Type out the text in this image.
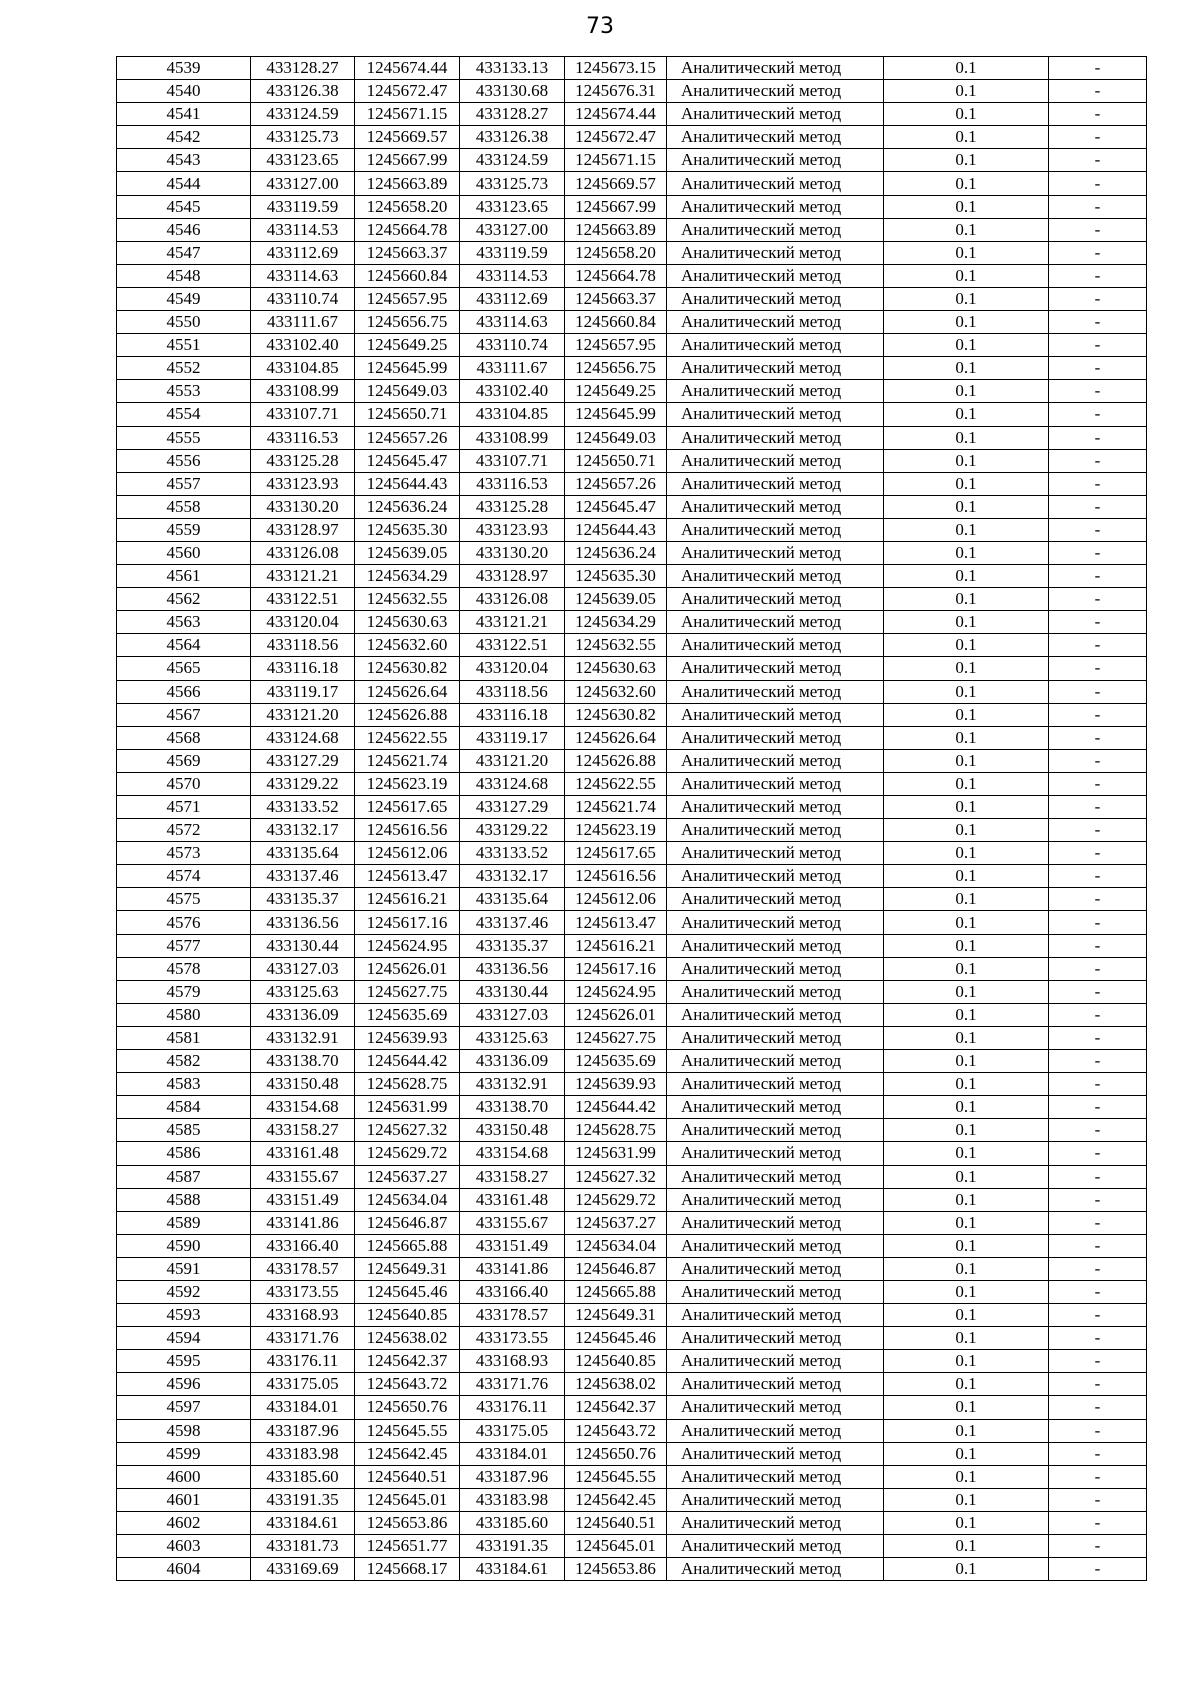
73
4539	433128.27	1245674.44	433133.13	1245673.15	Аналитический метод	0.1	-
4540	433126.38	1245672.47	433130.68	1245676.31	Аналитический метод	0.1	-
4541	433124.59	1245671.15	433128.27	1245674.44	Аналитический метод	0.1	-
4542	433125.73	1245669.57	433126.38	1245672.47	Аналитический метод	0.1	-
4543	433123.65	1245667.99	433124.59	1245671.15	Аналитический метод	0.1	-
4544	433127.00	1245663.89	433125.73	1245669.57	Аналитический метод	0.1	-
4545	433119.59	1245658.20	433123.65	1245667.99	Аналитический метод	0.1	-
4546	433114.53	1245664.78	433127.00	1245663.89	Аналитический метод	0.1	-
4547	433112.69	1245663.37	433119.59	1245658.20	Аналитический метод	0.1	-
4548	433114.63	1245660.84	433114.53	1245664.78	Аналитический метод	0.1	-
4549	433110.74	1245657.95	433112.69	1245663.37	Аналитический метод	0.1	-
4550	433111.67	1245656.75	433114.63	1245660.84	Аналитический метод	0.1	-
4551	433102.40	1245649.25	433110.74	1245657.95	Аналитический метод	0.1	-
4552	433104.85	1245645.99	433111.67	1245656.75	Аналитический метод	0.1	-
4553	433108.99	1245649.03	433102.40	1245649.25	Аналитический метод	0.1	-
4554	433107.71	1245650.71	433104.85	1245645.99	Аналитический метод	0.1	-
4555	433116.53	1245657.26	433108.99	1245649.03	Аналитический метод	0.1	-
4556	433125.28	1245645.47	433107.71	1245650.71	Аналитический метод	0.1	-
4557	433123.93	1245644.43	433116.53	1245657.26	Аналитический метод	0.1	-
4558	433130.20	1245636.24	433125.28	1245645.47	Аналитический метод	0.1	-
4559	433128.97	1245635.30	433123.93	1245644.43	Аналитический метод	0.1	-
4560	433126.08	1245639.05	433130.20	1245636.24	Аналитический метод	0.1	-
4561	433121.21	1245634.29	433128.97	1245635.30	Аналитический метод	0.1	-
4562	433122.51	1245632.55	433126.08	1245639.05	Аналитический метод	0.1	-
4563	433120.04	1245630.63	433121.21	1245634.29	Аналитический метод	0.1	-
4564	433118.56	1245632.60	433122.51	1245632.55	Аналитический метод	0.1	-
4565	433116.18	1245630.82	433120.04	1245630.63	Аналитический метод	0.1	-
4566	433119.17	1245626.64	433118.56	1245632.60	Аналитический метод	0.1	-
4567	433121.20	1245626.88	433116.18	1245630.82	Аналитический метод	0.1	-
4568	433124.68	1245622.55	433119.17	1245626.64	Аналитический метод	0.1	-
4569	433127.29	1245621.74	433121.20	1245626.88	Аналитический метод	0.1	-
4570	433129.22	1245623.19	433124.68	1245622.55	Аналитический метод	0.1	-
4571	433133.52	1245617.65	433127.29	1245621.74	Аналитический метод	0.1	-
4572	433132.17	1245616.56	433129.22	1245623.19	Аналитический метод	0.1	-
4573	433135.64	1245612.06	433133.52	1245617.65	Аналитический метод	0.1	-
4574	433137.46	1245613.47	433132.17	1245616.56	Аналитический метод	0.1	-
4575	433135.37	1245616.21	433135.64	1245612.06	Аналитический метод	0.1	-
4576	433136.56	1245617.16	433137.46	1245613.47	Аналитический метод	0.1	-
4577	433130.44	1245624.95	433135.37	1245616.21	Аналитический метод	0.1	-
4578	433127.03	1245626.01	433136.56	1245617.16	Аналитический метод	0.1	-
4579	433125.63	1245627.75	433130.44	1245624.95	Аналитический метод	0.1	-
4580	433136.09	1245635.69	433127.03	1245626.01	Аналитический метод	0.1	-
4581	433132.91	1245639.93	433125.63	1245627.75	Аналитический метод	0.1	-
4582	433138.70	1245644.42	433136.09	1245635.69	Аналитический метод	0.1	-
4583	433150.48	1245628.75	433132.91	1245639.93	Аналитический метод	0.1	-
4584	433154.68	1245631.99	433138.70	1245644.42	Аналитический метод	0.1	-
4585	433158.27	1245627.32	433150.48	1245628.75	Аналитический метод	0.1	-
4586	433161.48	1245629.72	433154.68	1245631.99	Аналитический метод	0.1	-
4587	433155.67	1245637.27	433158.27	1245627.32	Аналитический метод	0.1	-
4588	433151.49	1245634.04	433161.48	1245629.72	Аналитический метод	0.1	-
4589	433141.86	1245646.87	433155.67	1245637.27	Аналитический метод	0.1	-
4590	433166.40	1245665.88	433151.49	1245634.04	Аналитический метод	0.1	-
4591	433178.57	1245649.31	433141.86	1245646.87	Аналитический метод	0.1	-
4592	433173.55	1245645.46	433166.40	1245665.88	Аналитический метод	0.1	-
4593	433168.93	1245640.85	433178.57	1245649.31	Аналитический метод	0.1	-
4594	433171.76	1245638.02	433173.55	1245645.46	Аналитический метод	0.1	-
4595	433176.11	1245642.37	433168.93	1245640.85	Аналитический метод	0.1	-
4596	433175.05	1245643.72	433171.76	1245638.02	Аналитический метод	0.1	-
4597	433184.01	1245650.76	433176.11	1245642.37	Аналитический метод	0.1	-
4598	433187.96	1245645.55	433175.05	1245643.72	Аналитический метод	0.1	-
4599	433183.98	1245642.45	433184.01	1245650.76	Аналитический метод	0.1	-
4600	433185.60	1245640.51	433187.96	1245645.55	Аналитический метод	0.1	-
4601	433191.35	1245645.01	433183.98	1245642.45	Аналитический метод	0.1	-
4602	433184.61	1245653.86	433185.60	1245640.51	Аналитический метод	0.1	-
4603	433181.73	1245651.77	433191.35	1245645.01	Аналитический метод	0.1	-
4604	433169.69	1245668.17	433184.61	1245653.86	Аналитический метод	0.1	-
